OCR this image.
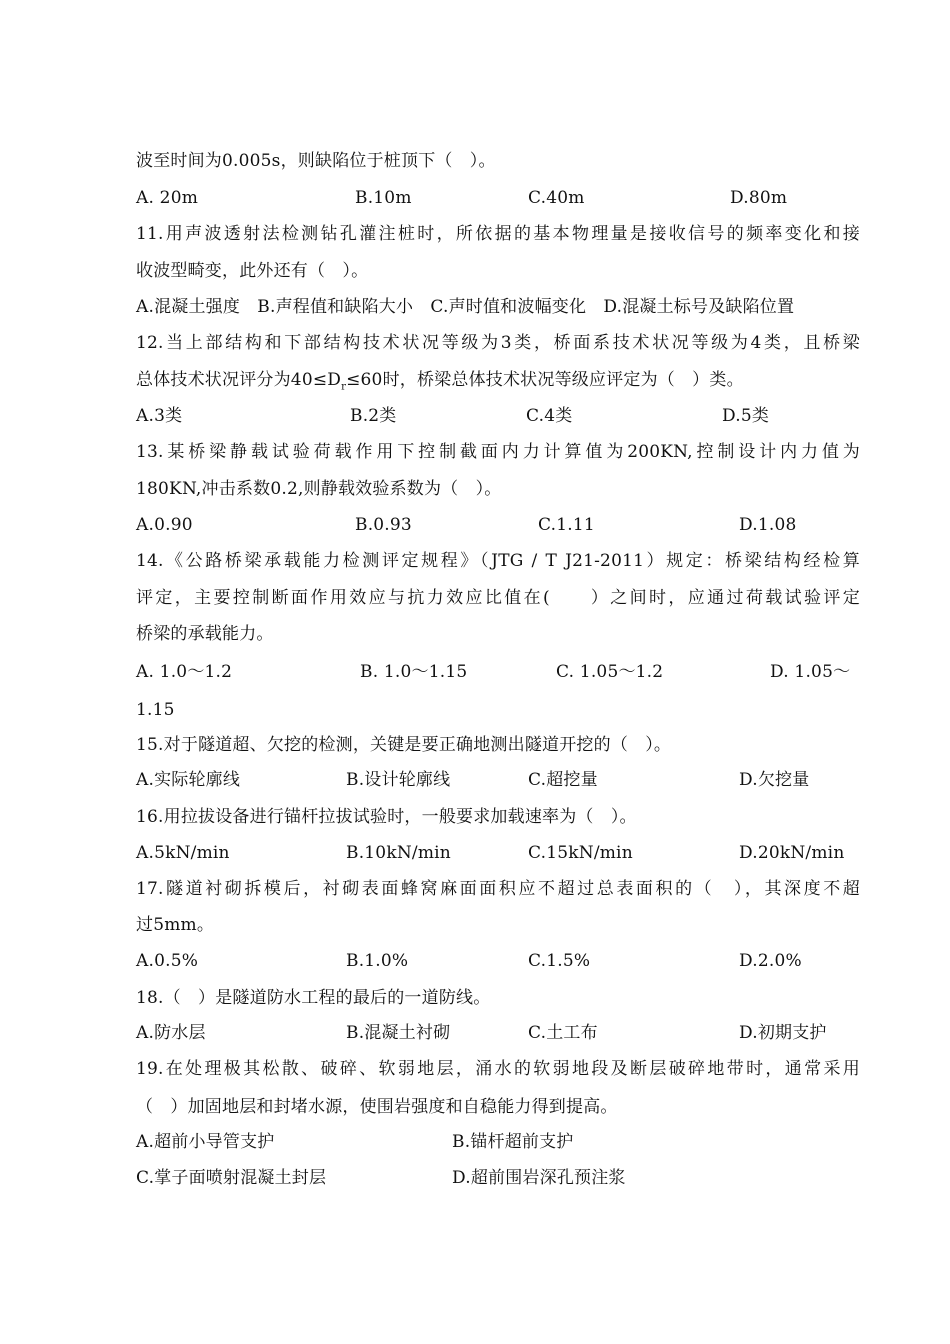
波至时间为0.005s，则缺陷位于桩顶下（　）。
A. 20m	B.10m	C.40m	D.80m
11.用声波透射法检测钻孔灌注桩时，所依据的基本物理量是接收信号的频率变化和接
收波型畸变，此外还有（　）。
A.混凝土强度　B.声程值和缺陷大小　C.声时值和波幅变化　D.混凝土标号及缺陷位置
12.当上部结构和下部结构技术状况等级为3类，桥面系技术状况等级为4类，且桥梁
总体技术状况评分为$40\le D_r\le 60$时，桥梁总体技术状况等级应评定为（　）类。
A.3类	B.2类	C.4类	D.5类
13.某桥梁静载试验荷载作用下控制截面内力计算值为200KN,控制设计内力值为
180KN,冲击系数0.2,则静载效验系数为（　）。
A.0.90	B.0.93	C.1.11	D.1.08
14.《公路桥梁承载能力检测评定规程》（JTG / T J21-2011）规定：桥梁结构经检算
评定，主要控制断面作用效应与抗力效应比值在(　　）之间时，应通过荷载试验评定
桥梁的承载能力。
A. 1.0～1.2	B. 1.0～1.15	C. 1.05～1.2	D. 1.05～
1.15
15.对于隧道超、欠挖的检测，关键是要正确地测出隧道开挖的（　）。
A.实际轮廓线	B.设计轮廓线	C.超挖量	D.欠挖量
16.用拉拔设备进行锚杆拉拔试验时，一般要求加载速率为（　）。
A.5kN/min	B.10kN/min	C.15kN/min	D.20kN/min
17.隧道衬砌拆模后，衬砌表面蜂窝麻面面积应不超过总表面积的（　），其深度不超
过5mm。
A.0.5%	B.1.0%	C.1.5%	D.2.0%
18.（　）是隧道防水工程的最后的一道防线。
A.防水层	B.混凝土衬砌	C.土工布	D.初期支护
19.在处理极其松散、破碎、软弱地层，涌水的软弱地段及断层破碎地带时，通常采用
（　）加固地层和封堵水源，使围岩强度和自稳能力得到提高。
A.超前小导管支护	B.锚杆超前支护
C.掌子面喷射混凝土封层	D.超前围岩深孔预注浆
